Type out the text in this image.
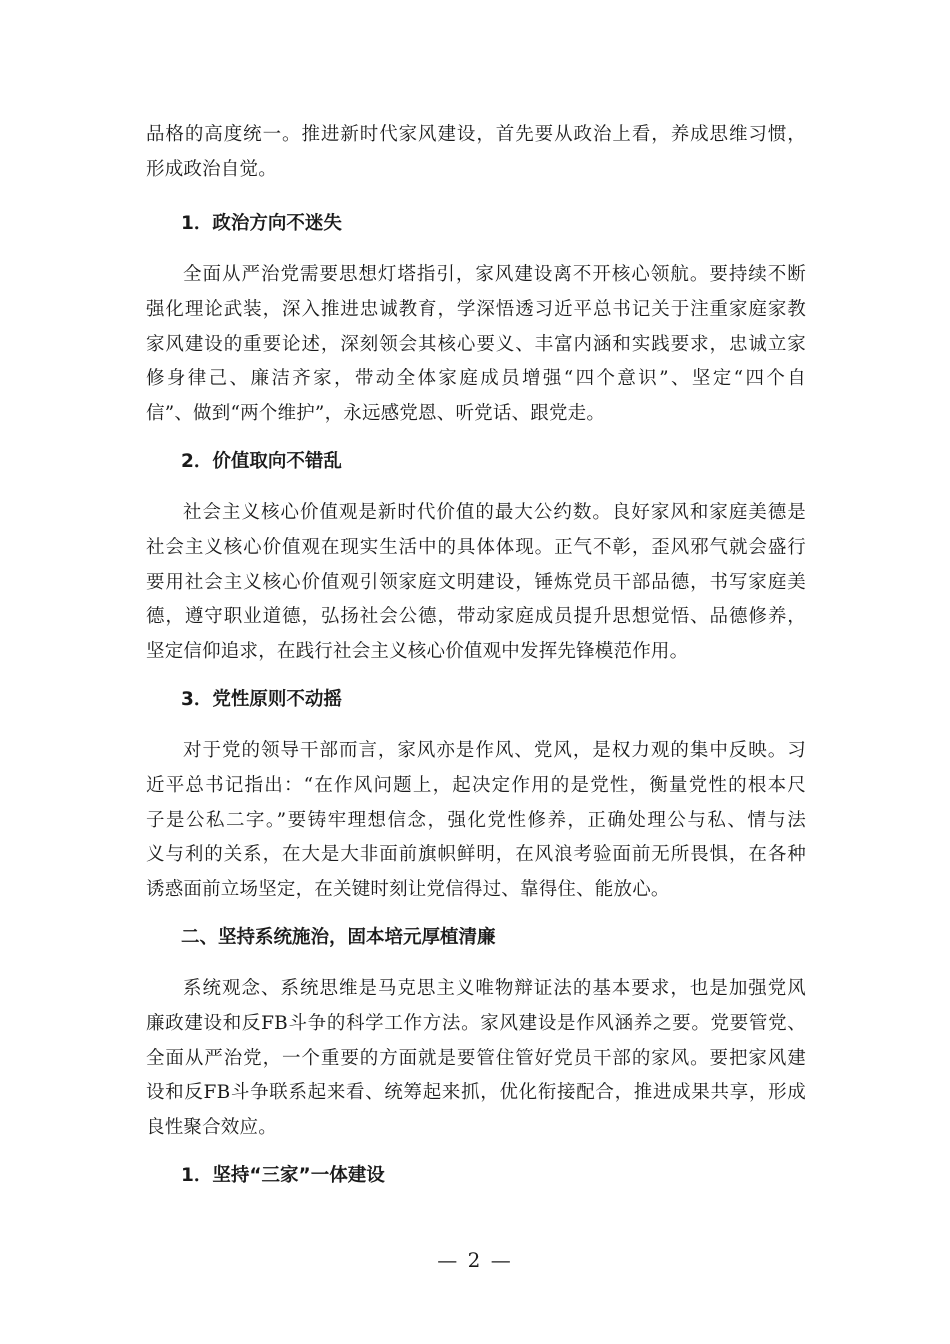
品格的高度统一。推进新时代家风建设，首先要从政治上看，养成思维习惯，

形成政治自觉。

1．政治方向不迷失

全面从严治党需要思想灯塔指引，家风建设离不开核心领航。要持续不断

强化理论武装，深入推进忠诚教育，学深悟透习近平总书记关于注重家庭家教

家风建设的重要论述，深刻领会其核心要义、丰富内涵和实践要求，忠诚立家

修身律己、廉洁齐家，带动全体家庭成员增强“四个意识”、坚定“四个自

信”、做到“两个维护”，永远感党恩、听党话、跟党走。

2．价值取向不错乱

社会主义核心价值观是新时代价值的最大公约数。良好家风和家庭美德是

社会主义核心价值观在现实生活中的具体体现。正气不彰，歪风邪气就会盛行

要用社会主义核心价值观引领家庭文明建设，锤炼党员干部品德，书写家庭美

德，遵守职业道德，弘扬社会公德，带动家庭成员提升思想觉悟、品德修养，

坚定信仰追求，在践行社会主义核心价值观中发挥先锋模范作用。

3．党性原则不动摇

对于党的领导干部而言，家风亦是作风、党风，是权力观的集中反映。习

近平总书记指出：“在作风问题上，起决定作用的是党性，衡量党性的根本尺

子是公私二字。”要铸牢理想信念，强化党性修养，正确处理公与私、情与法

义与利的关系，在大是大非面前旗帜鲜明，在风浪考验面前无所畏惧，在各种

诱惑面前立场坚定，在关键时刻让党信得过、靠得住、能放心。

二、坚持系统施治，固本培元厚植清廉

系统观念、系统思维是马克思主义唯物辩证法的基本要求，也是加强党风

廉政建设和反FB斗争的科学工作方法。家风建设是作风涵养之要。党要管党、

全面从严治党，一个重要的方面就是要管住管好党员干部的家风。要把家风建

设和反FB斗争联系起来看、统筹起来抓，优化衔接配合，推进成果共享，形成

良性聚合效应。

1．坚持“三家”一体建设
— 2 —
